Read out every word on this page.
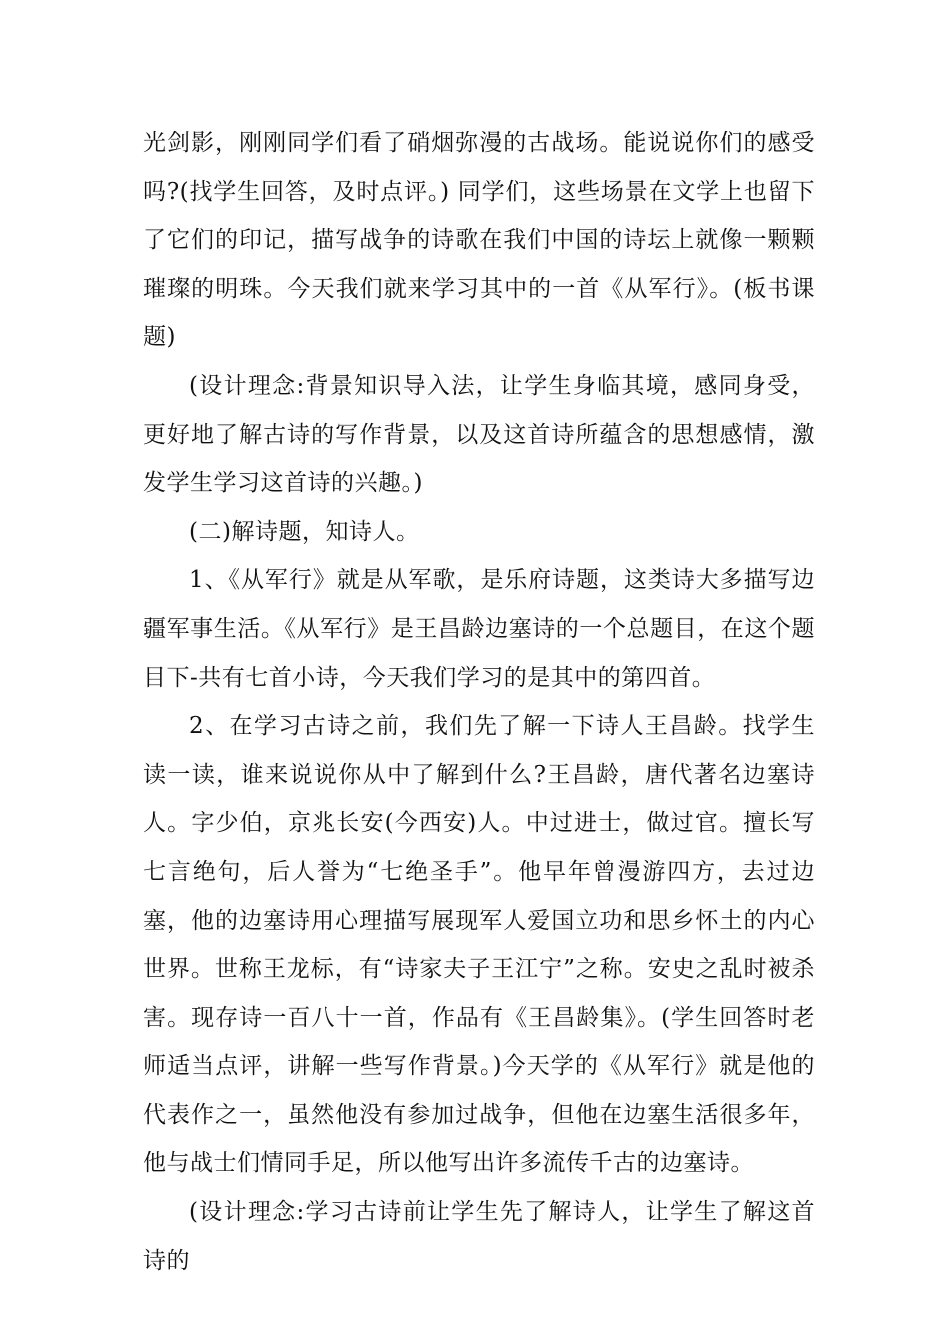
光剑影，刚刚同学们看了硝烟弥漫的古战场。能说说你们的感受吗?(找学生回答，及时点评。) 同学们，这些场景在文学上也留下了它们的印记，描写战争的诗歌在我们中国的诗坛上就像一颗颗璀璨的明珠。今天我们就来学习其中的一首《从军行》。(板书课题)

(设计理念:背景知识导入法，让学生身临其境，感同身受，更好地了解古诗的写作背景，以及这首诗所蕴含的思想感情，激发学生学习这首诗的兴趣。)

(二)解诗题，知诗人。

1、《从军行》就是从军歌，是乐府诗题，这类诗大多描写边疆军事生活。《从军行》是王昌龄边塞诗的一个总题目，在这个题目下-共有七首小诗，今天我们学习的是其中的第四首。

2、在学习古诗之前，我们先了解一下诗人王昌龄。找学生读一读，谁来说说你从中了解到什么?王昌龄，唐代著名边塞诗人。字少伯，京兆长安(今西安)人。中过进士，做过官。擅长写七言绝句，后人誉为“七绝圣手”。他早年曾漫游四方，去过边塞，他的边塞诗用心理描写展现军人爱国立功和思乡怀土的内心世界。世称王龙标，有“诗家夫子王江宁”之称。安史之乱时被杀害。现存诗一百八十一首，作品有《王昌龄集》。(学生回答时老师适当点评，讲解一些写作背景。)今天学的《从军行》就是他的代表作之一，虽然他没有参加过战争，但他在边塞生活很多年，他与战士们情同手足，所以他写出许多流传千古的边塞诗。

(设计理念:学习古诗前让学生先了解诗人，让学生了解这首诗的
